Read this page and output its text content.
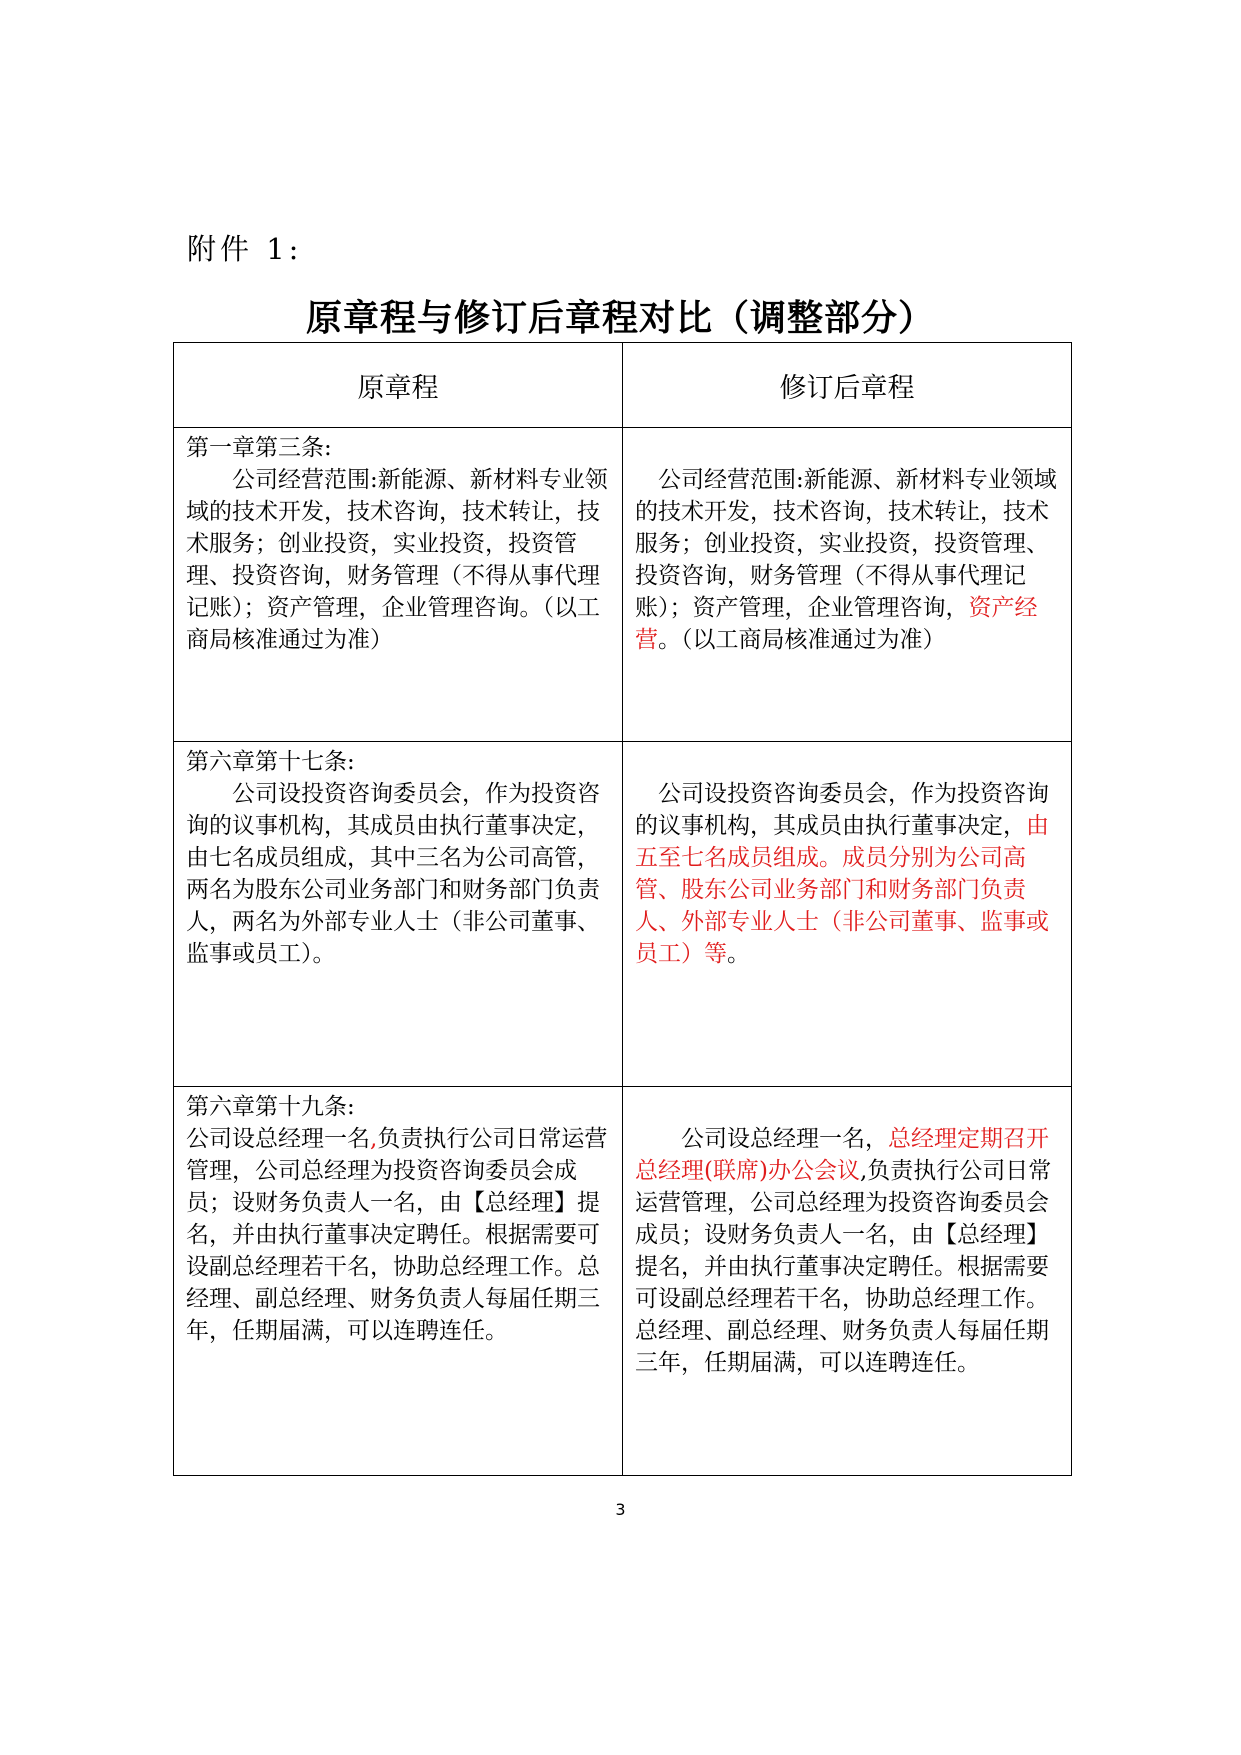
附件 1:
原章程与修订后章程对比（调整部分）
原章程	修订后章程

第一章第三条:

公司经营范围:新能源、新材料专业领域的技术开发，技术咨询，技术转让，技术服务；创业投资，实业投资，投资管理、投资咨询，财务管理（不得从事代理记账）；资产管理，企业管理咨询。（以工商局核准通过为准）	公司经营范围:新能源、新材料专业领域的技术开发，技术咨询，技术转让，技术服务；创业投资，实业投资，投资管理、投资咨询，财务管理（不得从事代理记账）；资产管理，企业管理咨询，资产经营。（以工商局核准通过为准）

第六章第十七条:

公司设投资咨询委员会，作为投资咨询的议事机构，其成员由执行董事决定，由七名成员组成，其中三名为公司高管，两名为股东公司业务部门和财务部门负责人，两名为外部专业人士（非公司董事、监事或员工）。	公司设投资咨询委员会，作为投资咨询的议事机构，其成员由执行董事决定，由五至七名成员组成。成员分别为公司高管、股东公司业务部门和财务部门负责人、外部专业人士（非公司董事、监事或员工）等。

第六章第十九条:

公司设总经理一名,负责执行公司日常运营管理，公司总经理为投资咨询委员会成员；设财务负责人一名，由【总经理】提名，并由执行董事决定聘任。根据需要可设副总经理若干名，协助总经理工作。总经理、副总经理、财务负责人每届任期三年，任期届满，可以连聘连任。	公司设总经理一名，总经理定期召开总经理(联席)办公会议,负责执行公司日常运营管理，公司总经理为投资咨询委员会成员；设财务负责人一名，由【总经理】提名，并由执行董事决定聘任。根据需要可设副总经理若干名，协助总经理工作。总经理、副总经理、财务负责人每届任期三年，任期届满，可以连聘连任。

3
